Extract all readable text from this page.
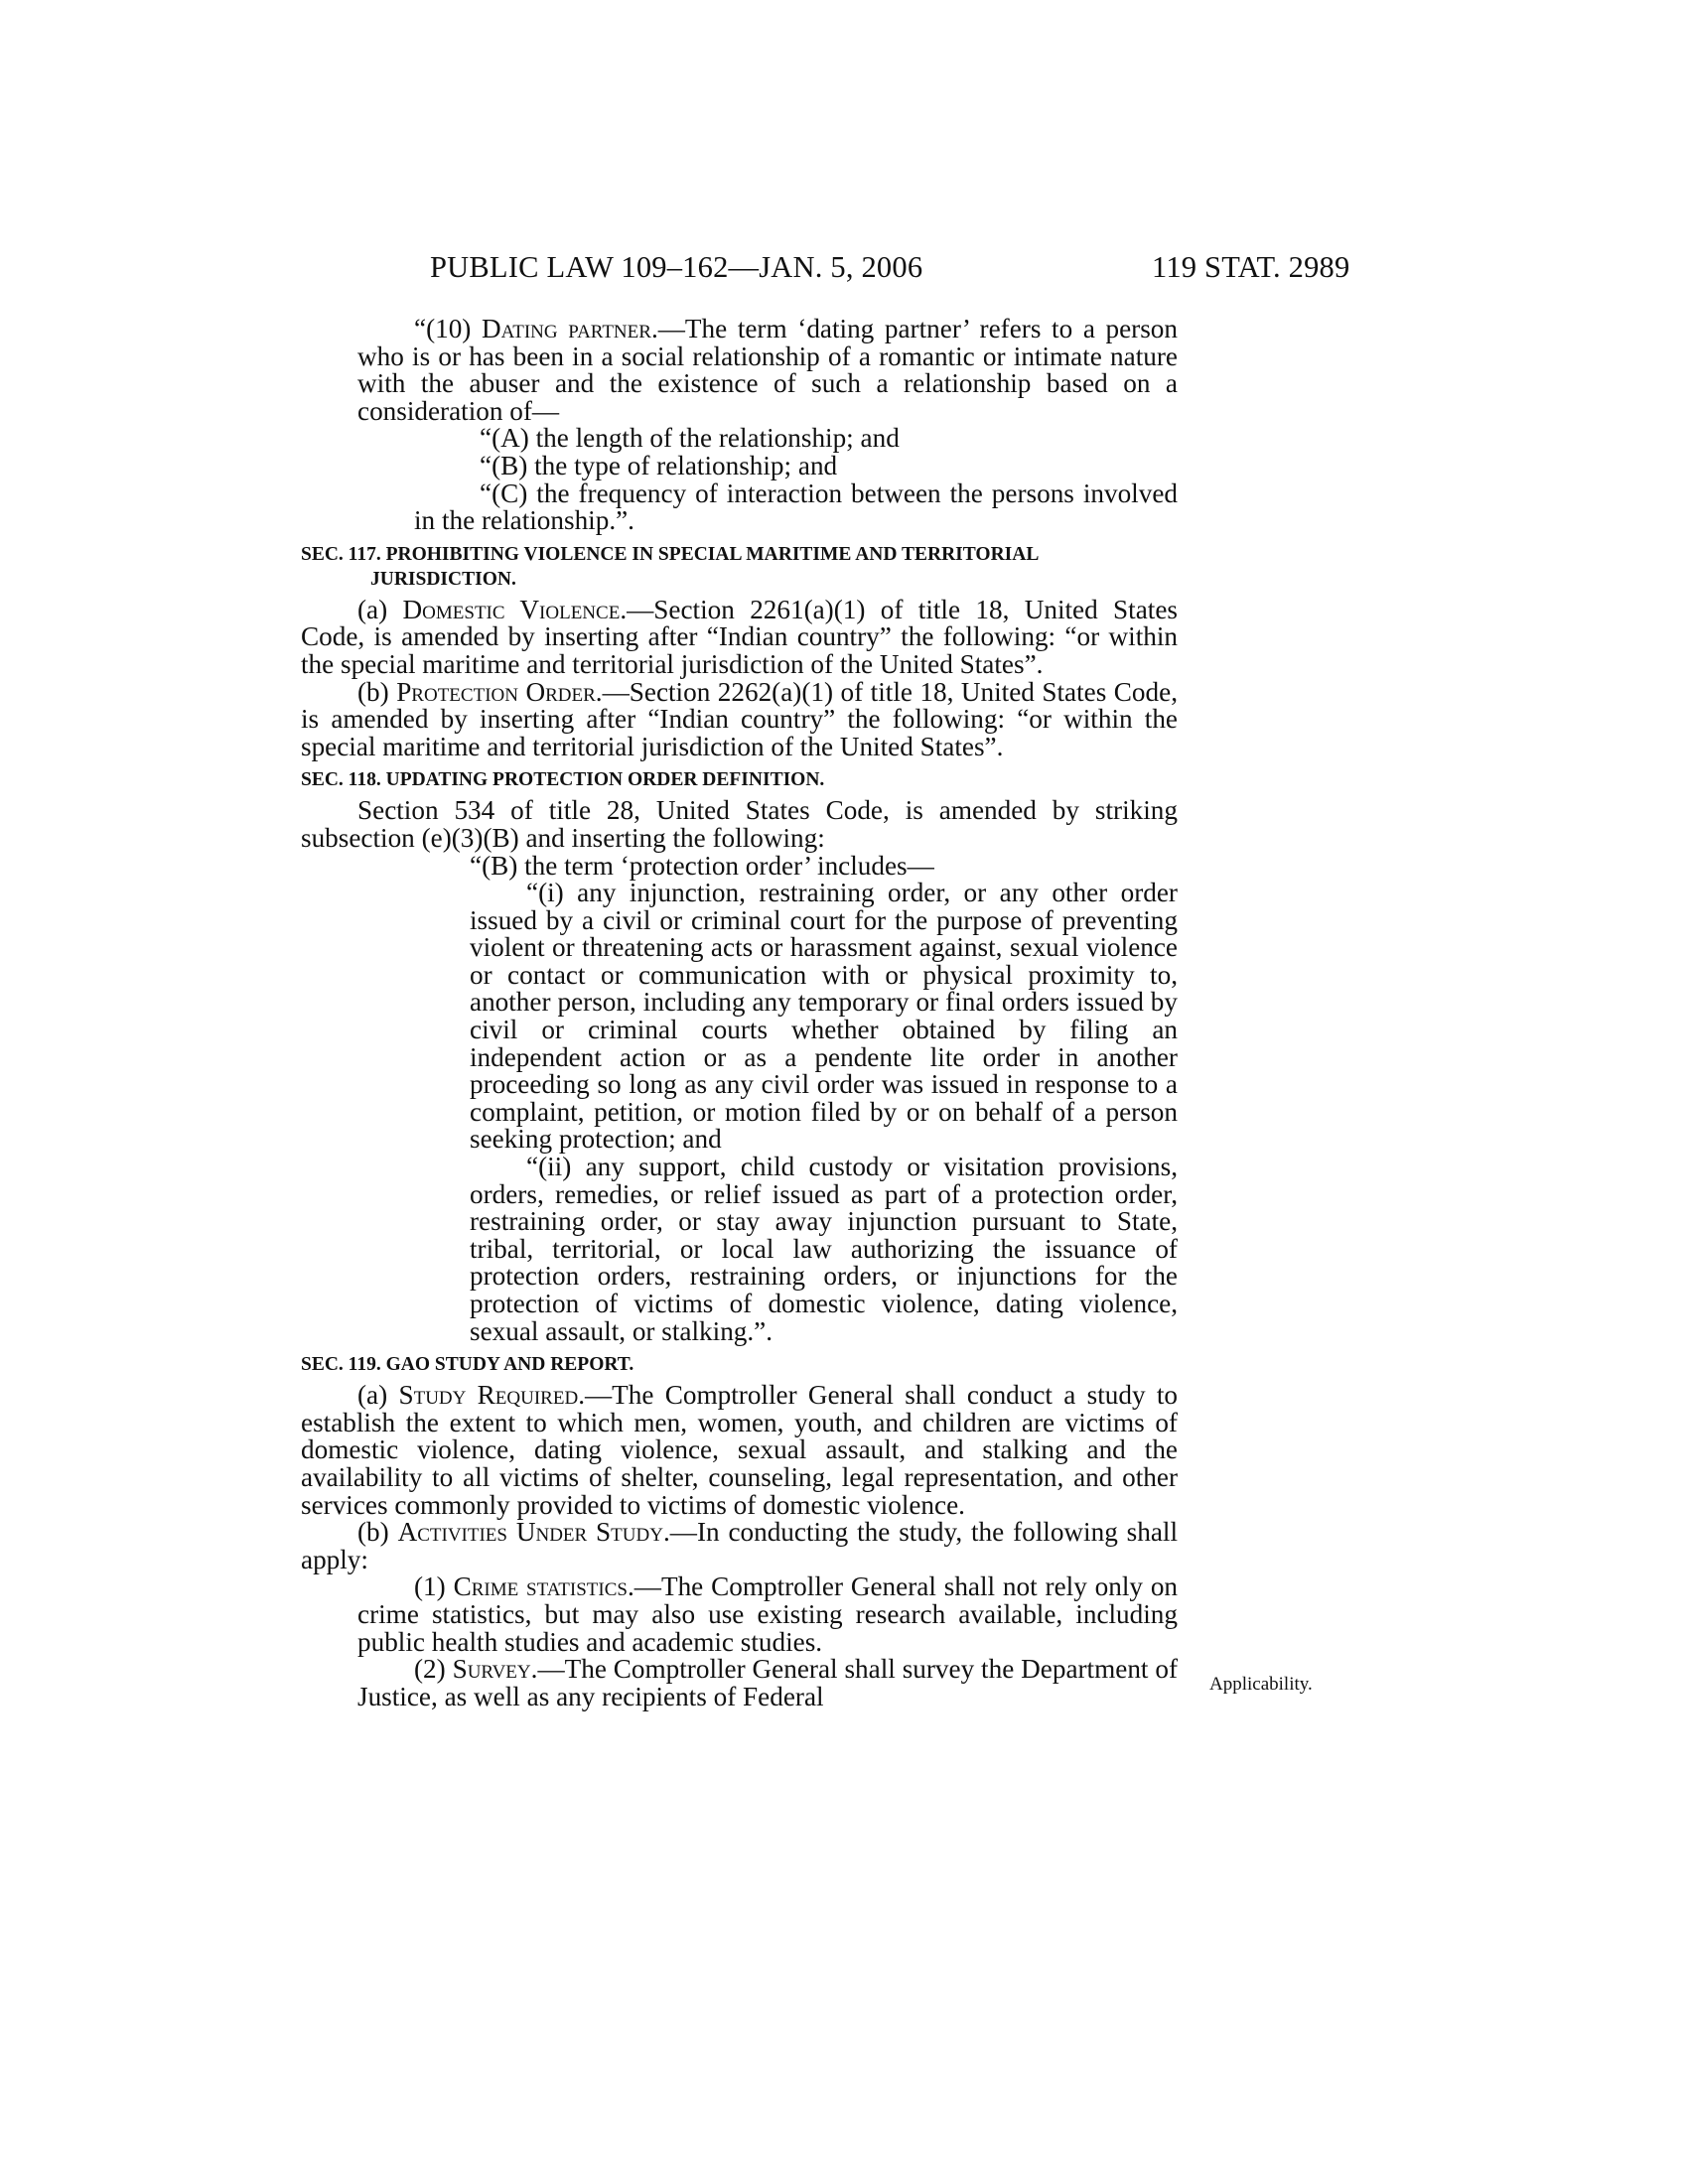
PUBLIC LAW 109–162—JAN. 5, 2006	119 STAT. 2989

“(10) Dating partner.—The term ‘dating partner’ refers to a person who is or has been in a social relationship of a romantic or intimate nature with the abuser and the existence of such a relationship based on a consideration of—

“(A) the length of the relationship; and

“(B) the type of relationship; and

“(C) the frequency of interaction between the persons involved in the relationship.”.

SEC. 117. PROHIBITING VIOLENCE IN SPECIAL MARITIME AND TERRITORIAL JURISDICTION.

(a) Domestic Violence.—Section 2261(a)(1) of title 18, United States Code, is amended by inserting after “Indian country” the following: “or within the special maritime and territorial jurisdiction of the United States”.

(b) Protection Order.—Section 2262(a)(1) of title 18, United States Code, is amended by inserting after “Indian country” the following: “or within the special maritime and territorial jurisdiction of the United States”.

SEC. 118. UPDATING PROTECTION ORDER DEFINITION.

Section 534 of title 28, United States Code, is amended by striking subsection (e)(3)(B) and inserting the following:

“(B) the term ‘protection order’ includes—

“(i) any injunction, restraining order, or any other order issued by a civil or criminal court for the purpose of preventing violent or threatening acts or harassment against, sexual violence or contact or communication with or physical proximity to, another person, including any temporary or final orders issued by civil or criminal courts whether obtained by filing an independent action or as a pendente lite order in another proceeding so long as any civil order was issued in response to a complaint, petition, or motion filed by or on behalf of a person seeking protection; and

“(ii) any support, child custody or visitation provisions, orders, remedies, or relief issued as part of a protection order, restraining order, or stay away injunction pursuant to State, tribal, territorial, or local law authorizing the issuance of protection orders, restraining orders, or injunctions for the protection of victims of domestic violence, dating violence, sexual assault, or stalking.”.

SEC. 119. GAO STUDY AND REPORT.

(a) Study Required.—The Comptroller General shall conduct a study to establish the extent to which men, women, youth, and children are victims of domestic violence, dating violence, sexual assault, and stalking and the availability to all victims of shelter, counseling, legal representation, and other services commonly provided to victims of domestic violence.

(b) Activities Under Study.—In conducting the study, the following shall apply:

(1) Crime statistics.—The Comptroller General shall not rely only on crime statistics, but may also use existing research available, including public health studies and academic studies.

(2) Survey.—The Comptroller General shall survey the Department of Justice, as well as any recipients of Federal	Applicability.
